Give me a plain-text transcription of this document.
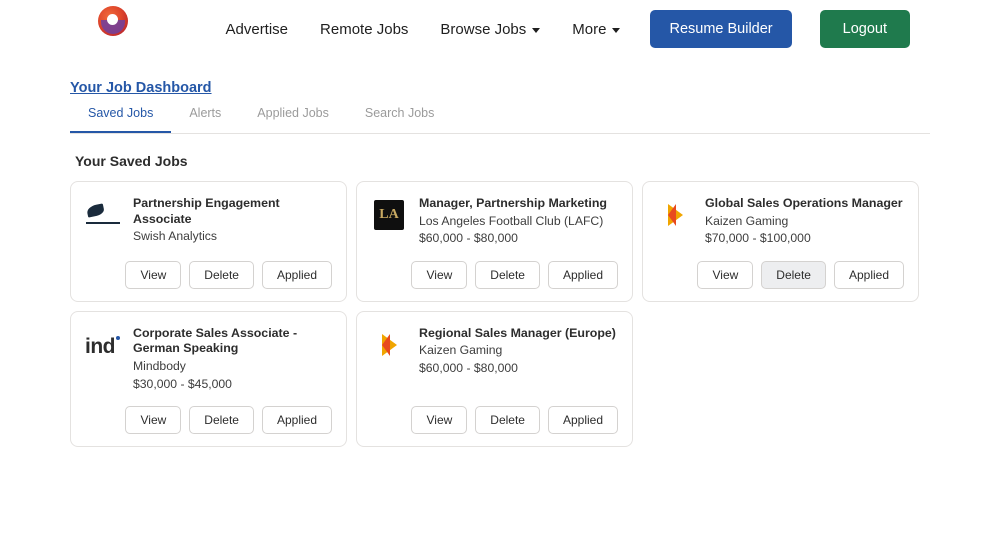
Advertise Remote Jobs Browse Jobs	More	Resume Builder	Logout
Your Job Dashboard
Saved Jobs	Alerts	Applied Jobs	Search Jobs
Your Saved Jobs
Partnership Engagement Associate
Swish Analytics
View	Delete	Applied
LA
Manager, Partnership Marketing
Los Angeles Football Club (LAFC)
$60,000 - $80,000
View	Delete	Applied
Global Sales Operations Manager
Kaizen Gaming
$70,000 - $100,000
View	Delete	Applied
ind
Corporate Sales Associate - German Speaking
Mindbody
$30,000 - $45,000
View	Delete	Applied
Regional Sales Manager (Europe)
Kaizen Gaming
$60,000 - $80,000
View	Delete	Applied
